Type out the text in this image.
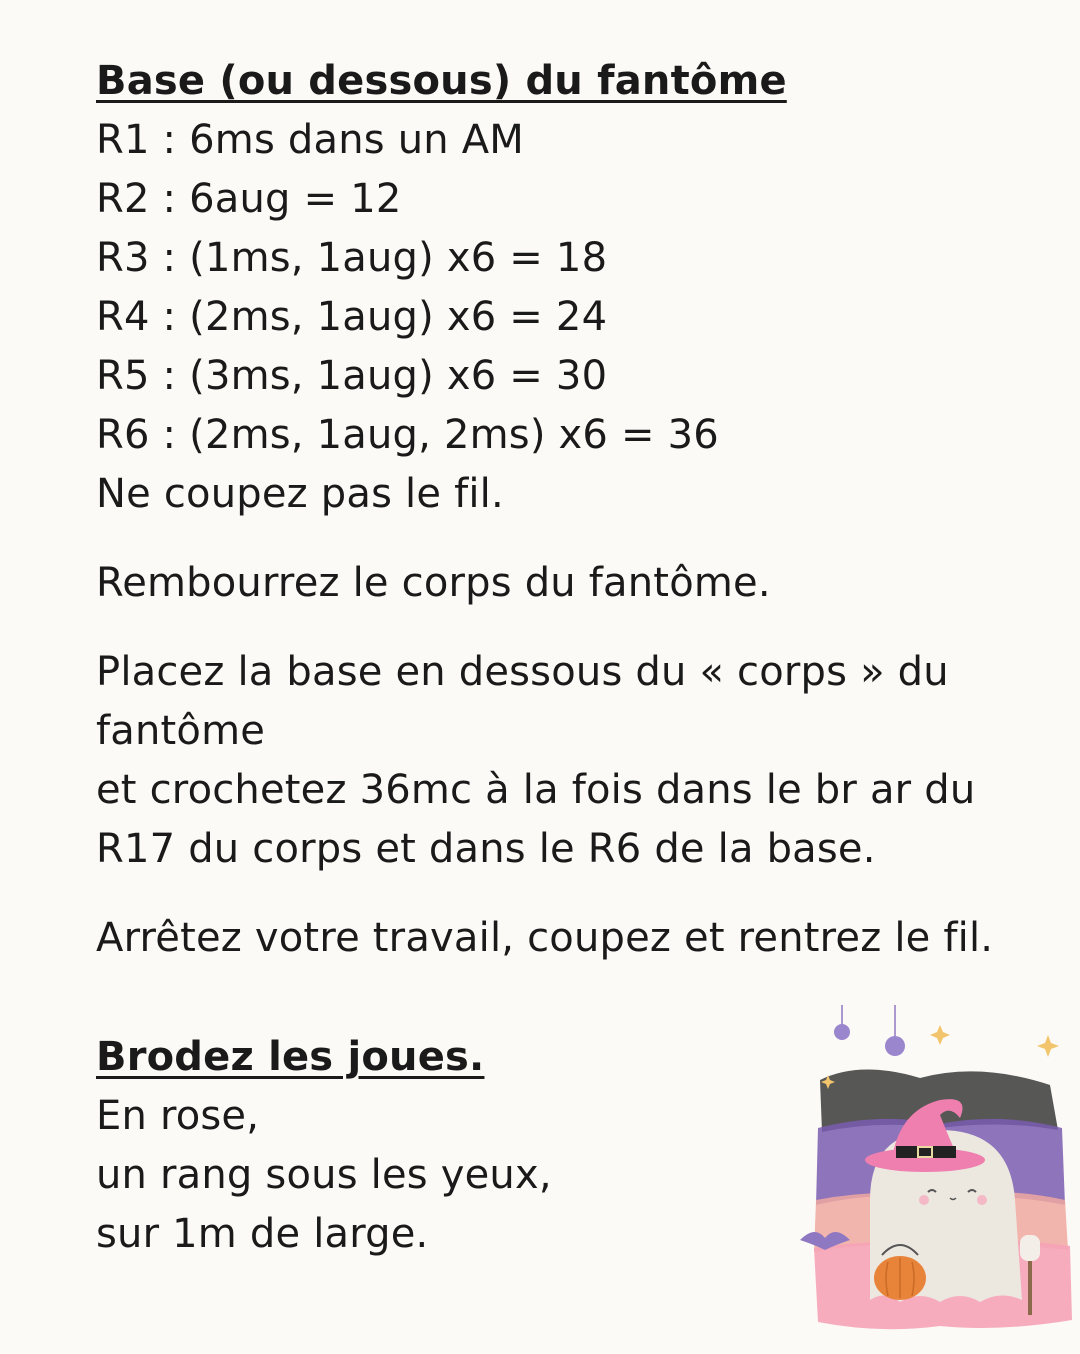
Base (ou dessous) du fantôme
R1 : 6ms dans un AM
R2 : 6aug = 12
R3 : (1ms, 1aug) x6 = 18
R4 : (2ms, 1aug) x6 = 24
R5 : (3ms, 1aug) x6 = 30
R6 : (2ms, 1aug, 2ms) x6 = 36
Ne coupez pas le fil.
Rembourrez le corps du fantôme.
Placez la base en dessous du « corps » du
fantôme
et crochetez 36mc à la fois dans le br ar du
R17 du corps et dans le R6 de la base.
Arrêtez votre travail, coupez et rentrez le fil.
Brodez les joues.
En rose,
un rang sous les yeux,
sur 1m de large.
